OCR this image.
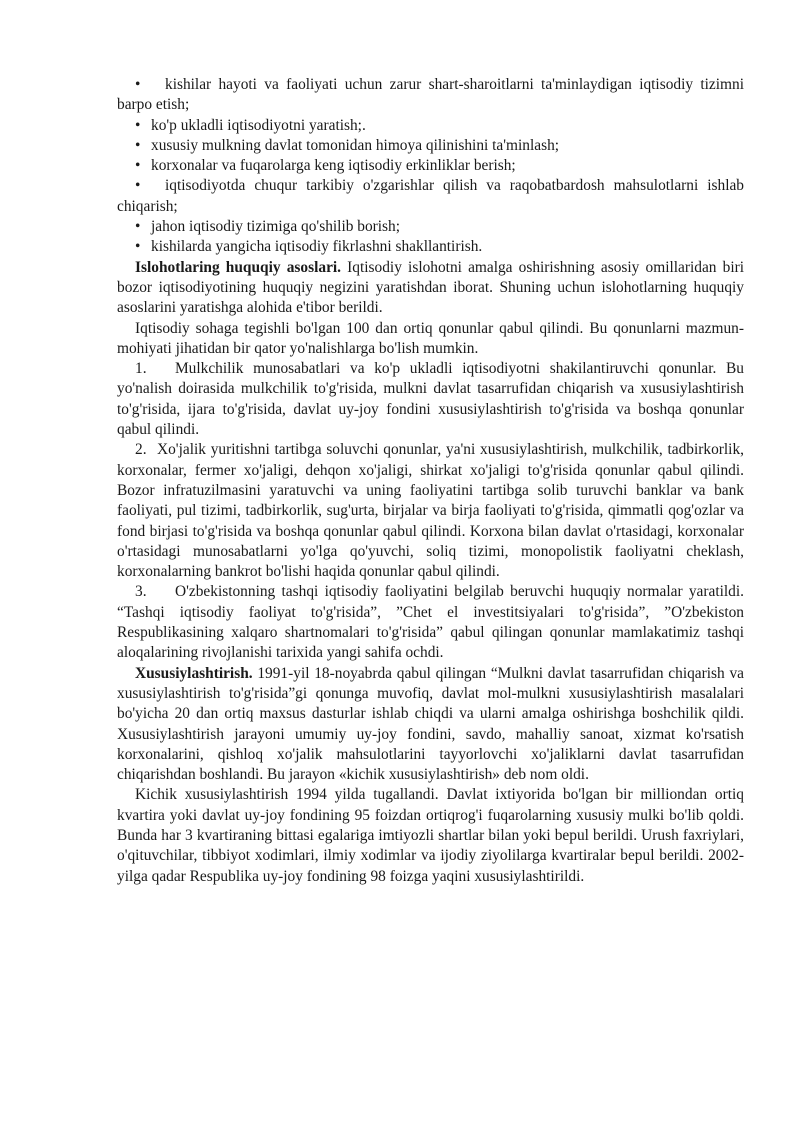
• kishilar hayoti va faoliyati uchun zarur shart-sharoitlarni ta'minlaydigan iqtisodiy tizimni barpo etish;

• ko'p ukladli iqtisodiyotni yaratish;.

• xususiy mulkning davlat tomonidan himoya qilinishini ta'minlash;

• korxonalar va fuqarolarga keng iqtisodiy erkinliklar berish;

• iqtisodiyotda chuqur tarkibiy o'zgarishlar qilish va raqobatbardosh mahsulotlarni ishlab chiqarish;

• jahon iqtisodiy tizimiga qo'shilib borish;

• kishilarda yangicha iqtisodiy fikrlashni shakllantirish.

Islohotlaring huquqiy asoslari. Iqtisodiy islohotni amalga oshirishning asosiy omillaridan biri bozor iqtisodiyotining huquqiy negizini yaratishdan iborat. Shuning uchun islohotlarning huquqiy asoslarini yaratishga alohida e'tibor berildi.

Iqtisodiy sohaga tegishli bo'lgan 100 dan ortiq qonunlar qabul qilindi. Bu qonunlarni mazmun-mohiyati jihatidan bir qator yo'nalishlarga bo'lish mumkin.

1. Mulkchilik munosabatlari va ko'p ukladli iqtisodiyotni shakilantiruvchi qonunlar. Bu yo'nalish doirasida mulkchilik to'g'risida, mulkni davlat tasarrufidan chiqarish va xususiylashtirish to'g'risida, ijara to'g'risida, davlat uy-joy fondini xususiylashtirish to'g'risida va boshqa qonunlar qabul qilindi.

2. Xo'jalik yuritishni tartibga soluvchi qonunlar, ya'ni xususiylashtirish, mulkchilik, tadbirkorlik, korxonalar, fermer xo'jaligi, dehqon xo'jaligi, shirkat xo'jaligi to'g'risida qonunlar qabul qilindi. Bozor infratuzilmasini yaratuvchi va uning faoliyatini tartibga solib turuvchi banklar va bank faoliyati, pul tizimi, tadbirkorlik, sug'urta, birjalar va birja faoliyati to'g'risida, qimmatli qog'ozlar va fond birjasi to'g'risida va boshqa qonunlar qabul qilindi. Korxona bilan davlat o'rtasidagi, korxonalar o'rtasidagi munosabatlarni yo'lga qo'yuvchi, soliq tizimi, monopolistik faoliyatni cheklash, korxonalarning bankrot bo'lishi haqida qonunlar qabul qilindi.

3. O'zbekistonning tashqi iqtisodiy faoliyatini belgilab beruvchi huquqiy normalar yaratildi. “Tashqi iqtisodiy faoliyat to'g'risida”, ”Chet el investitsiyalari to'g'risida”, ”O'zbekiston Respublikasining xalqaro shartnomalari to'g'risida” qabul qilingan qonunlar mamlakatimiz tashqi aloqalarining rivojlanishi tarixida yangi sahifa ochdi.

Xususiylashtirish. 1991-yil 18-noyabrda qabul qilingan “Mulkni davlat tasarrufidan chiqarish va xususiylashtirish to'g'risida”gi qonunga muvofiq, davlat mol-mulkni xususiylashtirish masalalari bo'yicha 20 dan ortiq maxsus dasturlar ishlab chiqdi va ularni amalga oshirishga boshchilik qildi. Xususiylashtirish jarayoni umumiy uy-joy fondini, savdo, mahalliy sanoat, xizmat ko'rsatish korxonalarini, qishloq xo'jalik mahsulotlarini tayyorlovchi xo'jaliklarni davlat tasarrufidan chiqarishdan boshlandi. Bu jarayon «kichik xususiylashtirish» deb nom oldi.

Kichik xususiylashtirish 1994 yilda tugallandi. Davlat ixtiyorida bo'lgan bir milliondan ortiq kvartira yoki davlat uy-joy fondining 95 foizdan ortiqrog'i fuqarolarning xususiy mulki bo'lib qoldi. Bunda har 3 kvartiraning bittasi egalariga imtiyozli shartlar bilan yoki bepul berildi. Urush faxriylari, o'qituvchilar, tibbiyot xodimlari, ilmiy xodimlar va ijodiy ziyolilarga kvartiralar bepul berildi. 2002-yilga qadar Respublika uy-joy fondining 98 foizga yaqini xususiylashtirildi.
